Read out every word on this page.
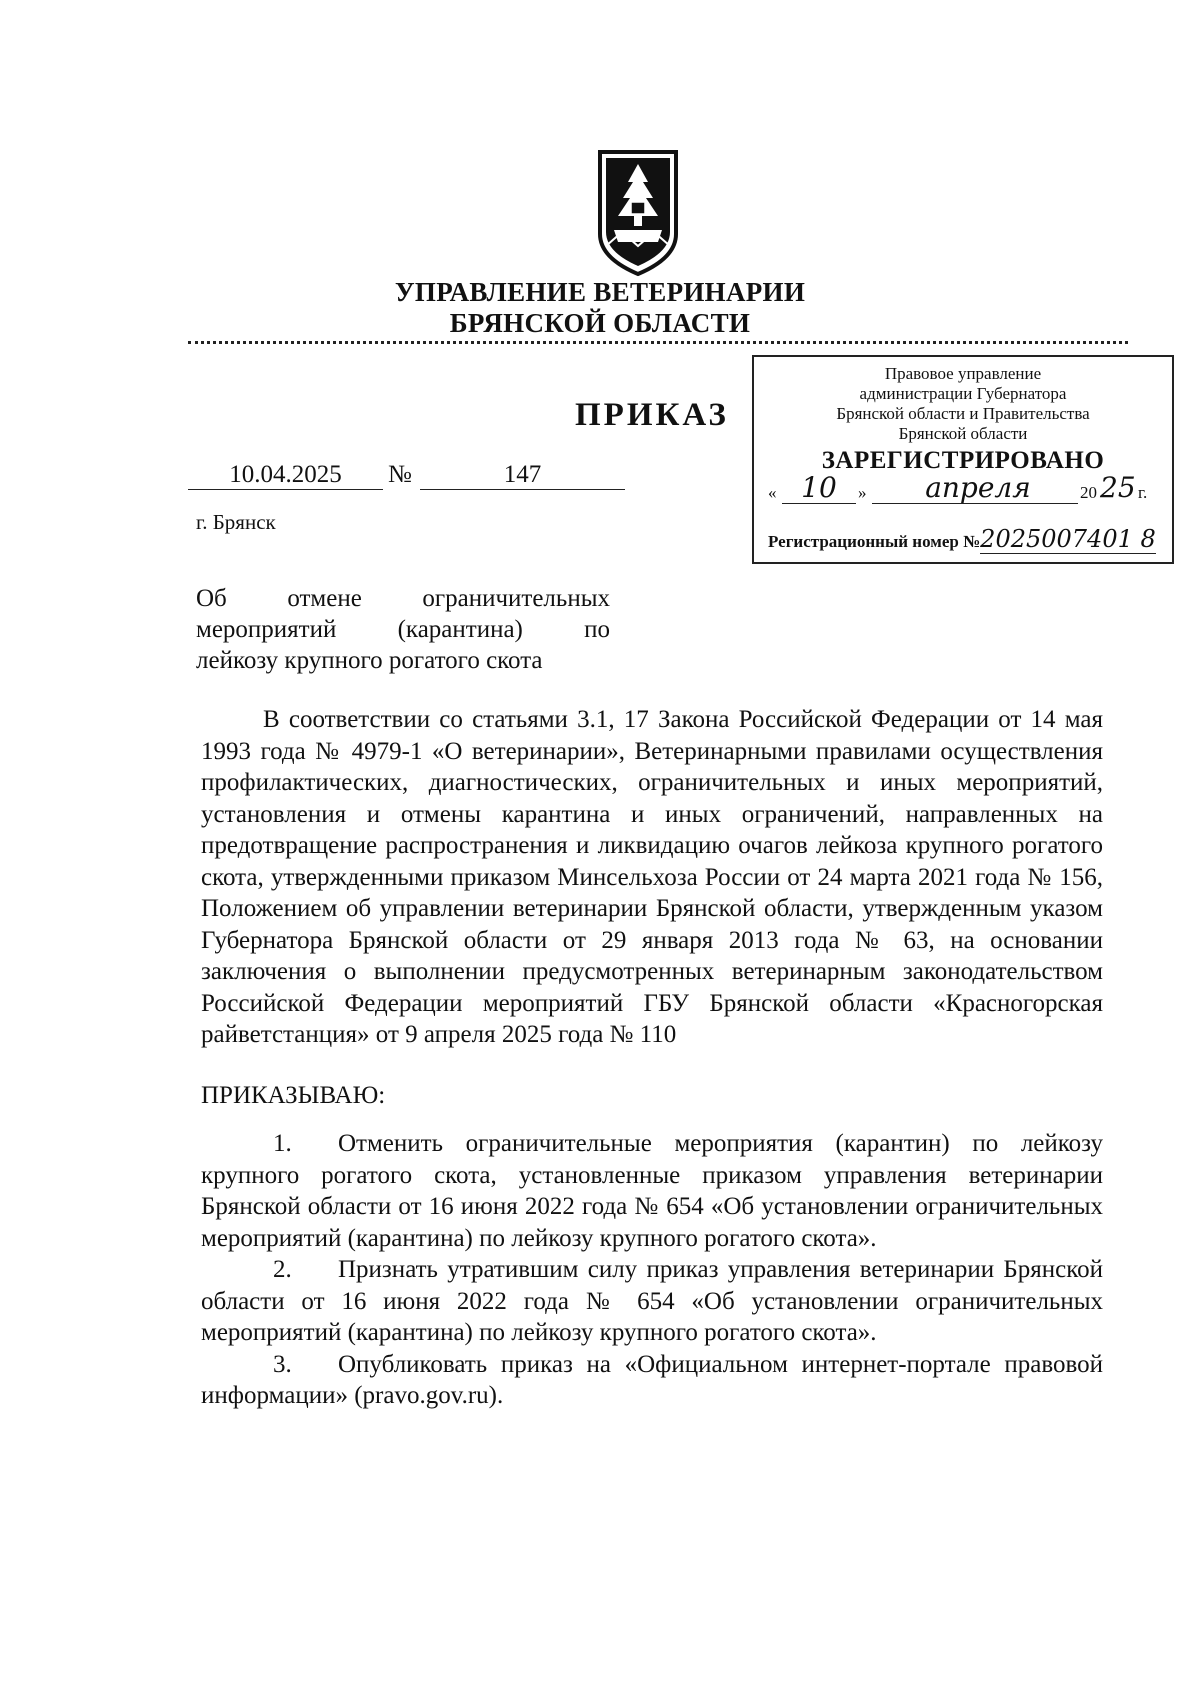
УПРАВЛЕНИЕ ВЕТЕРИНАРИИ
БРЯНСКОЙ ОБЛАСТИ
ПРИКАЗ
10.04.2025	№	147
г. Брянск
Правовое управление
администрации Губернатора
Брянской области и Правительства
Брянской области
ЗАРЕГИСТРИРОВАНО
« 10	»	апреля	20 25 г.
Регистрационный номер №2025007401 8
Об отмене ограничительных
мероприятий (карантина) по
лейкозу крупного рогатого скота
В соответствии со статьями 3.1, 17 Закона Российской Федерации от 14 мая 1993 года № 4979-1 «О ветеринарии», Ветеринарными правилами осуществления профилактических, диагностических, ограничительных и иных мероприятий, установления и отмены карантина и иных ограничений, направленных на предотвращение распространения и ликвидацию очагов лейкоза крупного рогатого скота, утвержденными приказом Минсельхоза России от 24 марта 2021 года № 156, Положением об управлении ветеринарии Брянской области, утвержденным указом Губернатора Брянской области от 29 января 2013 года № 63, на основании заключения о выполнении предусмотренных ветеринарным законодательством Российской Федерации мероприятий ГБУ Брянской области «Красногорская райветстанция» от 9 апреля 2025 года № 110
ПРИКАЗЫВАЮ:
1. Отменить ограничительные мероприятия (карантин) по лейкозу крупного рогатого скота, установленные приказом управления ветеринарии Брянской области от 16 июня 2022 года № 654 «Об установлении ограничительных мероприятий (карантина) по лейкозу крупного рогатого скота».
2. Признать утратившим силу приказ управления ветеринарии Брянской области от 16 июня 2022 года № 654 «Об установлении ограничительных мероприятий (карантина) по лейкозу крупного рогатого скота».
3. Опубликовать приказ на «Официальном интернет-портале правовой информации» (pravo.gov.ru).
